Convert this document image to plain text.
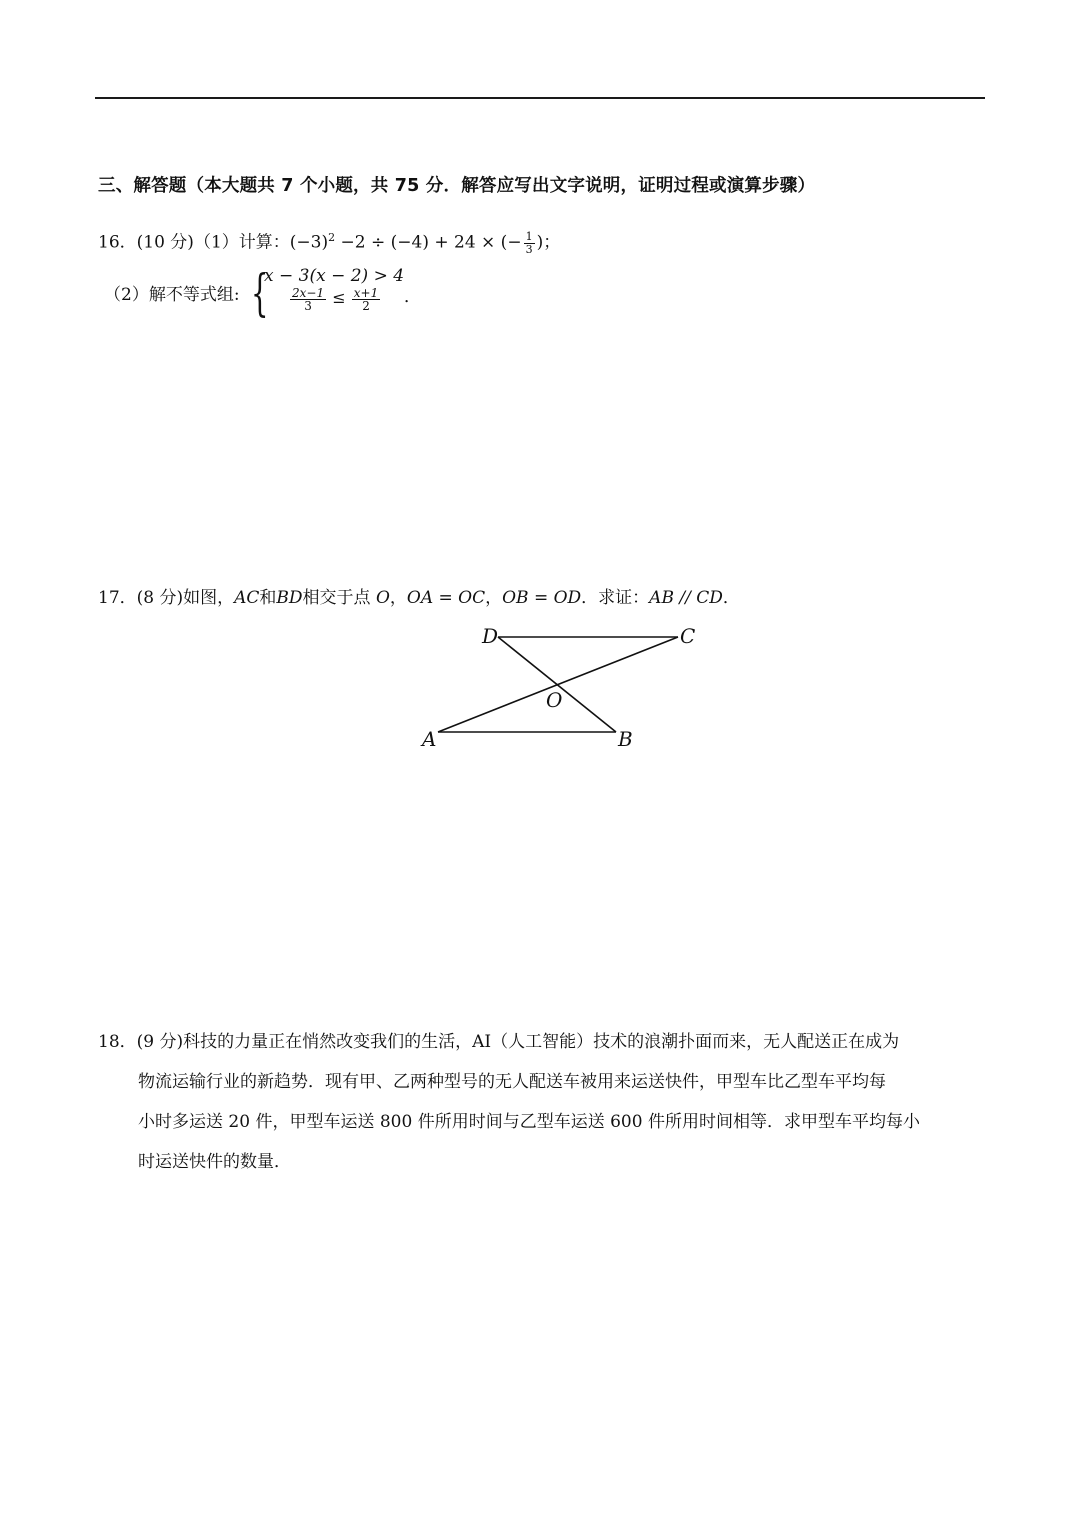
三、解答题（本大题共 7 个小题，共 75 分．解答应写出文字说明，证明过程或演算步骤）
16．(10 分)（1）计算：$(-3)^2 -2 \div (-4) + 24$ × (− $\frac{1}{3}$ )；
（2）解不等式组: {
x − 3(x − 2) > 4
$\frac{2x-1}{3} \le \frac{x+1}{2}$ ．
17．(8 分)如图，AC和BD相交于点 O，OA = OC，OB = OD．求证：AB // CD．
D	C
O
A	B
18．(9 分)科技的力量正在悄然改变我们的生活，AI（人工智能）技术的浪潮扑面而来，无人配送正在成为
物流运输行业的新趋势．现有甲、乙两种型号的无人配送车被用来运送快件，甲型车比乙型车平均每
小时多运送 20 件，甲型车运送 800 件所用时间与乙型车运送 600 件所用时间相等．求甲型车平均每小
时运送快件的数量．
